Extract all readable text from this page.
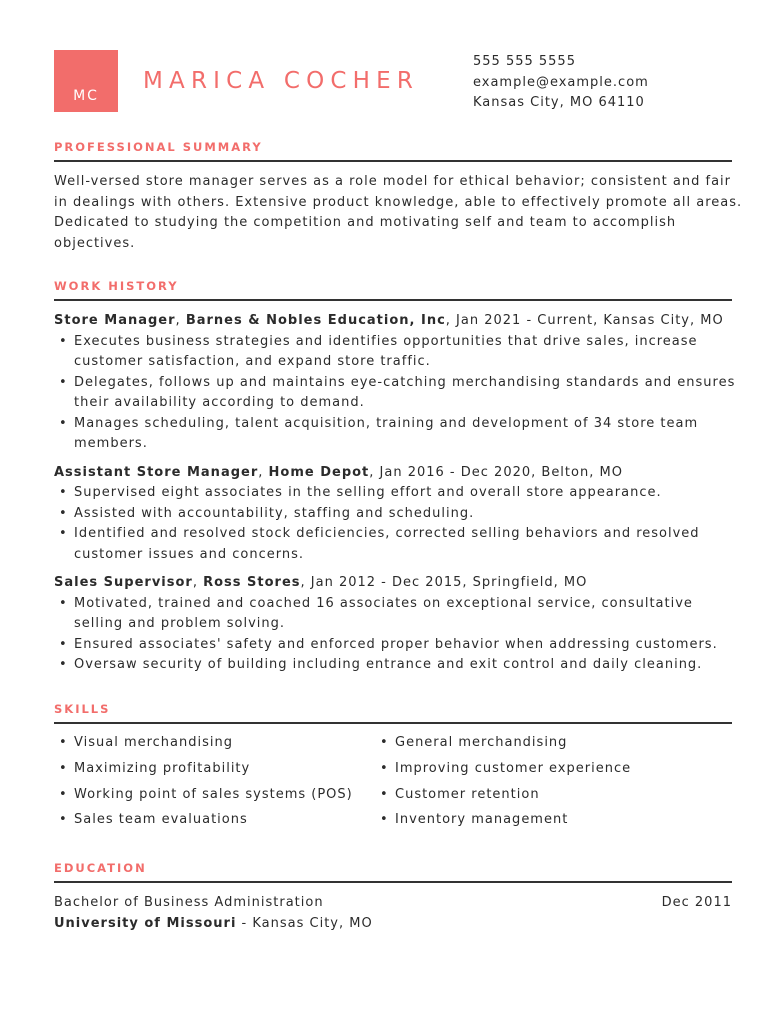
MC
MARICA COCHER
555 555 5555
example@example.com
Kansas City, MO 64110
PROFESSIONAL SUMMARY
Well-versed store manager serves as a role model for ethical behavior; consistent and fair in dealings with others. Extensive product knowledge, able to effectively promote all areas. Dedicated to studying the competition and motivating self and team to accomplish objectives.
WORK HISTORY
Store Manager, Barnes & Nobles Education, Inc, Jan 2021 - Current, Kansas City, MO
• Executes business strategies and identifies opportunities that drive sales, increase customer satisfaction, and expand store traffic.
• Delegates, follows up and maintains eye-catching merchandising standards and ensures their availability according to demand.
• Manages scheduling, talent acquisition, training and development of 34 store team members.
Assistant Store Manager, Home Depot, Jan 2016 - Dec 2020, Belton, MO
• Supervised eight associates in the selling effort and overall store appearance.
• Assisted with accountability, staffing and scheduling.
• Identified and resolved stock deficiencies, corrected selling behaviors and resolved customer issues and concerns.
Sales Supervisor, Ross Stores, Jan 2012 - Dec 2015, Springfield, MO
• Motivated, trained and coached 16 associates on exceptional service, consultative selling and problem solving.
• Ensured associates' safety and enforced proper behavior when addressing customers.
• Oversaw security of building including entrance and exit control and daily cleaning.
SKILLS
• Visual merchandising
• Maximizing profitability
• Working point of sales systems (POS)
• Sales team evaluations
• General merchandising
• Improving customer experience
• Customer retention
• Inventory management
EDUCATION
Bachelor of Business Administration	Dec 2011
University of Missouri - Kansas City, MO
